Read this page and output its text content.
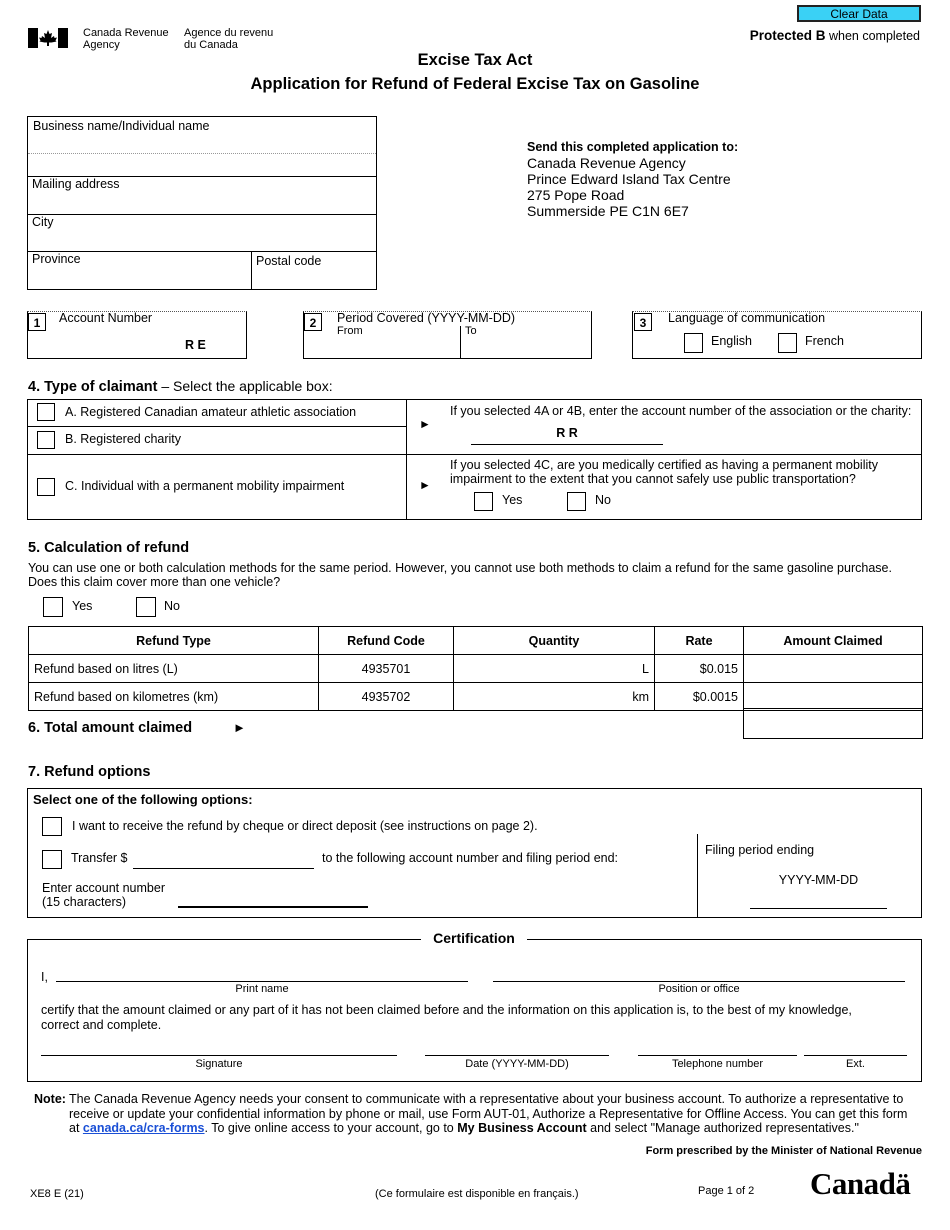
Canada Revenue
Agency
Agence du revenu
du Canada
Clear Data
Protected B when completed
Excise Tax Act
Application for Refund of Federal Excise Tax on Gasoline
Business name/Individual name
Mailing address
City
Province	Postal code
Send this completed application to:
Canada Revenue Agency
Prince Edward Island Tax Centre
275 Pope Road
Summerside PE C1N 6E7
1	Account Number
R E
2	Period Covered (YYYY-MM-DD)
From	To
3	Language of communication
English	French
4. Type of claimant – Select the applicable box:
A. Registered Canadian amateur athletic association
B. Registered charity
C. Individual with a permanent mobility impairment
►
If you selected 4A or 4B, enter the account number of the association or the charity:
R R
►
If you selected 4C, are you medically certified as having a permanent mobility
impairment to the extent that you cannot safely use public transportation?
Yes	No
5. Calculation of refund
You can use one or both calculation methods for the same period. However, you cannot use both methods to claim a refund for the same gasoline purchase.
Does this claim cover more than one vehicle?
Yes	No
Refund Type	Refund Code	Quantity	Rate	Amount Claimed
Refund based on litres (L)	4935701	L	$0.015	
Refund based on kilometres (km)	4935702	km	$0.0015	
6. Total amount claimed	►
7. Refund options
Select one of the following options:
I want to receive the refund by cheque or direct deposit (see instructions on page 2).
Transfer $	to the following account number and filing period end:
Enter account number
(15 characters)
Filing period ending
YYYY-MM-DD
Certification
I,
Print name	Position or office
certify that the amount claimed or any part of it has not been claimed before and the information on this application is, to the best of my knowledge,
correct and complete.
Signature	Date (YYYY-MM-DD)	Telephone number	Ext.
Note: The Canada Revenue Agency needs your consent to communicate with a representative about your business account. To authorize a representative to
receive or update your confidential information by phone or mail, use Form AUT-01, Authorize a Representative for Offline Access. You can get this form
at canada.ca/cra-forms. To give online access to your account, go to My Business Account and select "Manage authorized representatives."
Form prescribed by the Minister of National Revenue
XE8 E (21)	(Ce formulaire est disponible en français.)	Page 1 of 2 Canadä
